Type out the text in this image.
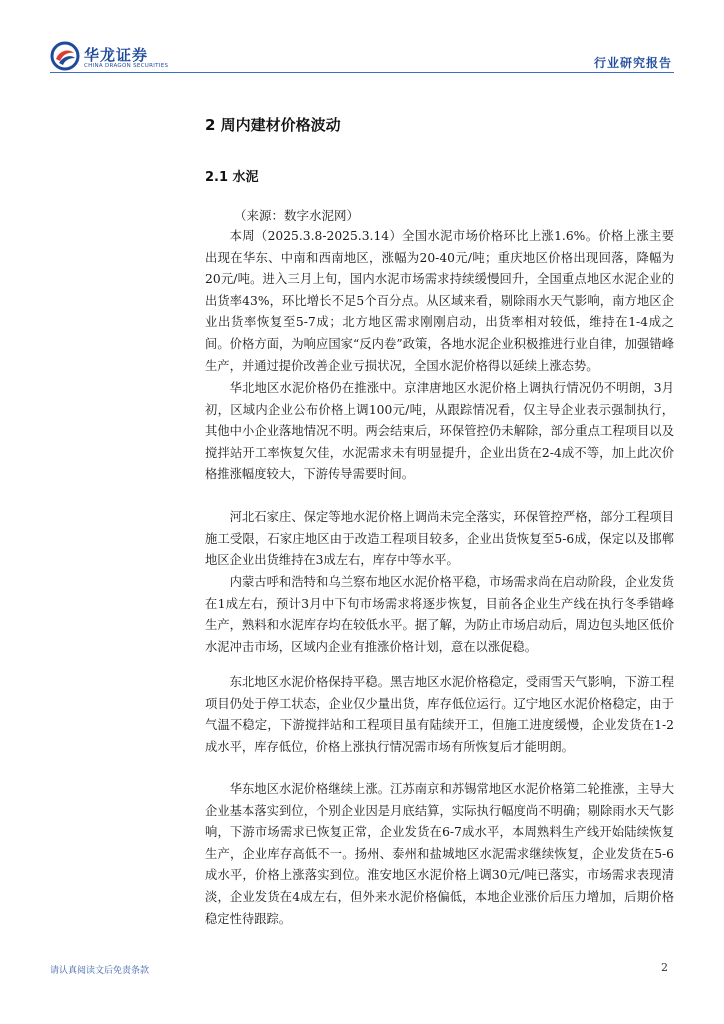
华龙证券
CHINA DRAGON SECURITIES	行业研究报告
2 周内建材价格波动
2.1 水泥
（来源：数字水泥网）

本周（2025.3.8-2025.3.14）全国水泥市场价格环比上涨1.6%。价格上涨主要出现在华东、中南和西南地区，涨幅为20-40元/吨；重庆地区价格出现回落，降幅为20元/吨。进入三月上旬，国内水泥市场需求持续缓慢回升，全国重点地区水泥企业的出货率43%，环比增长不足5个百分点。从区域来看，剔除雨水天气影响，南方地区企业出货率恢复至5-7成；北方地区需求刚刚启动，出货率相对较低，维持在1-4成之间。价格方面，为响应国家“反内卷”政策，各地水泥企业积极推进行业自律，加强错峰生产，并通过提价改善企业亏损状况，全国水泥价格得以延续上涨态势。

华北地区水泥价格仍在推涨中。京津唐地区水泥价格上调执行情况仍不明朗，3月初，区域内企业公布价格上调100元/吨，从跟踪情况看，仅主导企业表示强制执行，其他中小企业落地情况不明。两会结束后，环保管控仍未解除，部分重点工程项目以及搅拌站开工率恢复欠佳，水泥需求未有明显提升，企业出货在2-4成不等，加上此次价格推涨幅度较大，下游传导需要时间。

河北石家庄、保定等地水泥价格上调尚未完全落实，环保管控严格，部分工程项目施工受限，石家庄地区由于改造工程项目较多，企业出货恢复至5-6成，保定以及邯郸地区企业出货维持在3成左右，库存中等水平。

内蒙古呼和浩特和乌兰察布地区水泥价格平稳，市场需求尚在启动阶段，企业发货在1成左右，预计3月中下旬市场需求将逐步恢复，目前各企业生产线在执行冬季错峰生产，熟料和水泥库存均在较低水平。据了解，为防止市场启动后，周边包头地区低价水泥冲击市场，区域内企业有推涨价格计划，意在以涨促稳。

东北地区水泥价格保持平稳。黑吉地区水泥价格稳定，受雨雪天气影响，下游工程项目仍处于停工状态，企业仅少量出货，库存低位运行。辽宁地区水泥价格稳定，由于气温不稳定，下游搅拌站和工程项目虽有陆续开工，但施工进度缓慢，企业发货在1-2成水平，库存低位，价格上涨执行情况需市场有所恢复后才能明朗。

华东地区水泥价格继续上涨。江苏南京和苏锡常地区水泥价格第二轮推涨，主导大企业基本落实到位，个别企业因是月底结算，实际执行幅度尚不明确；剔除雨水天气影响，下游市场需求已恢复正常，企业发货在6-7成水平，本周熟料生产线开始陆续恢复生产，企业库存高低不一。扬州、泰州和盐城地区水泥需求继续恢复，企业发货在5-6成水平，价格上涨落实到位。淮安地区水泥价格上调30元/吨已落实，市场需求表现清淡，企业发货在4成左右，但外来水泥价格偏低，本地企业涨价后压力增加，后期价格稳定性待跟踪。

请认真阅读文后免责条款	2
